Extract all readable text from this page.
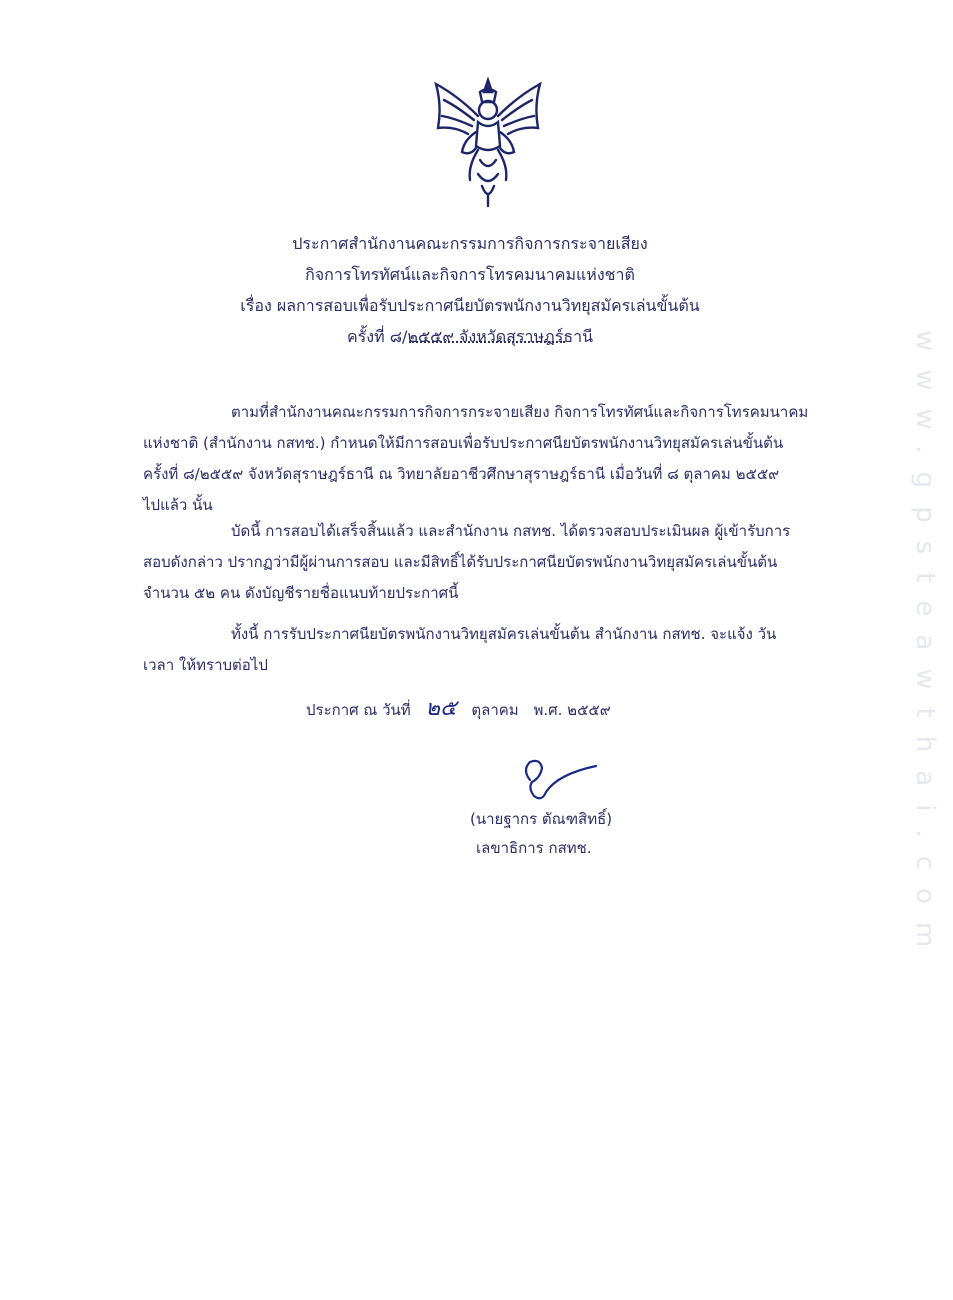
ประกาศสำนักงานคณะกรรมการกิจการกระจายเสียง
กิจการโทรทัศน์และกิจการโทรคมนาคมแห่งชาติ
เรื่อง ผลการสอบเพื่อรับประกาศนียบัตรพนักงานวิทยุสมัครเล่นขั้นต้น
ครั้งที่ ๘/๒๕๕๙ จังหวัดสุราษฎร์ธานี
ตามที่สำนักงานคณะกรรมการกิจการกระจายเสียง กิจการโทรทัศน์และกิจการโทรคมนาคม
แห่งชาติ (สำนักงาน กสทช.) กำหนดให้มีการสอบเพื่อรับประกาศนียบัตรพนักงานวิทยุสมัครเล่นขั้นต้น
ครั้งที่ ๘/๒๕๕๙ จังหวัดสุราษฎร์ธานี ณ วิทยาลัยอาชีวศึกษาสุราษฎร์ธานี เมื่อวันที่ ๘ ตุลาคม ๒๕๕๙
ไปแล้ว นั้น
บัดนี้ การสอบได้เสร็จสิ้นแล้ว และสำนักงาน กสทช. ได้ตรวจสอบประเมินผล ผู้เข้ารับการ
สอบดังกล่าว ปรากฏว่ามีผู้ผ่านการสอบ และมีสิทธิ์ได้รับประกาศนียบัตรพนักงานวิทยุสมัครเล่นขั้นต้น
จำนวน ๕๒ คน ดังบัญชีรายชื่อแนบท้ายประกาศนี้
ทั้งนี้ การรับประกาศนียบัตรพนักงานวิทยุสมัครเล่นขั้นต้น สำนักงาน กสทช. จะแจ้ง วัน
เวลา ให้ทราบต่อไป
ประกาศ ณ วันที่ ๒๕ ตุลาคม พ.ศ. ๒๕๕๙
(นายฐากร ตัณฑสิทธิ์)
เลขาธิการ กสทช.	www.gpsteawthai.com
